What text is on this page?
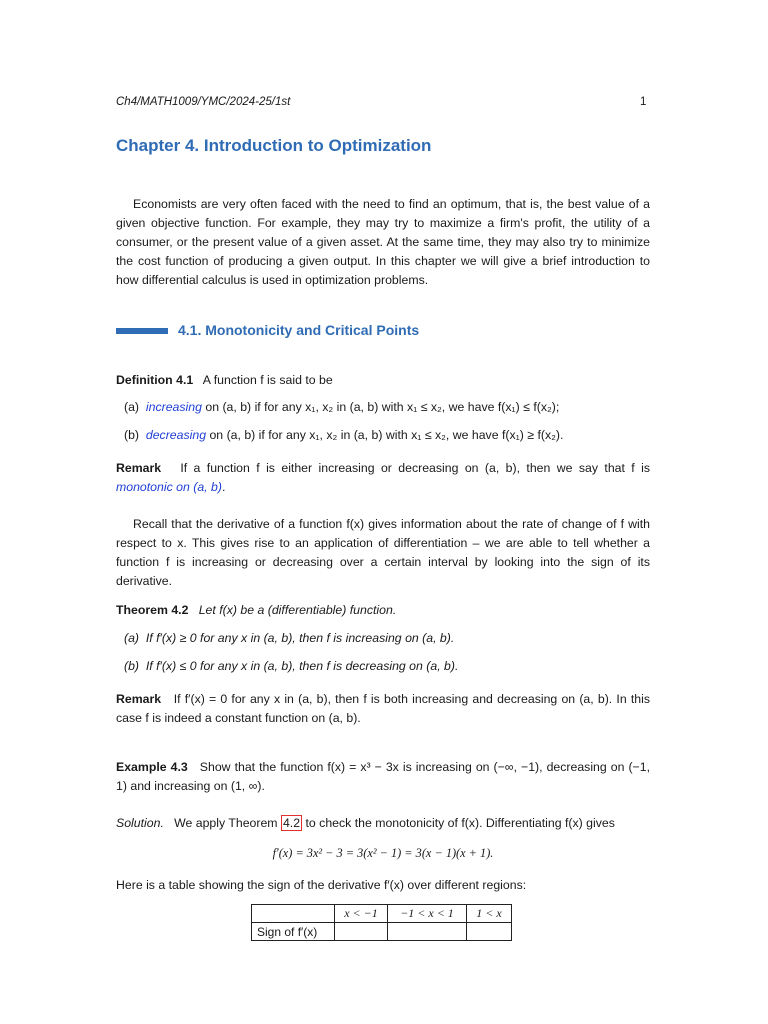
Ch4/MATH1009/YMC/2024-25/1st	1
Chapter 4. Introduction to Optimization
Economists are very often faced with the need to find an optimum, that is, the best value of a given objective function. For example, they may try to maximize a firm's profit, the utility of a consumer, or the present value of a given asset. At the same time, they may also try to minimize the cost function of producing a given output. In this chapter we will give a brief introduction to how differential calculus is used in optimization problems.
4.1. Monotonicity and Critical Points
Definition 4.1 A function f is said to be
(a) increasing on (a, b) if for any x₁, x₂ in (a, b) with x₁ ≤ x₂, we have f(x₁) ≤ f(x₂);
(b) decreasing on (a, b) if for any x₁, x₂ in (a, b) with x₁ ≤ x₂, we have f(x₁) ≥ f(x₂).
Remark If a function f is either increasing or decreasing on (a, b), then we say that f is monotonic on (a, b).
Recall that the derivative of a function f(x) gives information about the rate of change of f with respect to x. This gives rise to an application of differentiation – we are able to tell whether a function f is increasing or decreasing over a certain interval by looking into the sign of its derivative.
Theorem 4.2 Let f(x) be a (differentiable) function.
(a) If f′(x) ≥ 0 for any x in (a, b), then f is increasing on (a, b).
(b) If f′(x) ≤ 0 for any x in (a, b), then f is decreasing on (a, b).
Remark If f′(x) = 0 for any x in (a, b), then f is both increasing and decreasing on (a, b). In this case f is indeed a constant function on (a, b).
Example 4.3 Show that the function f(x) = x³ − 3x is increasing on (−∞, −1), decreasing on (−1, 1) and increasing on (1, ∞).
Solution. We apply Theorem 4.2 to check the monotonicity of f(x). Differentiating f(x) gives
f′(x) = 3x² − 3 = 3(x² − 1) = 3(x − 1)(x + 1).
Here is a table showing the sign of the derivative f′(x) over different regions:
	x < −1	−1 < x < 1	1 < x
Sign of f′(x)			
